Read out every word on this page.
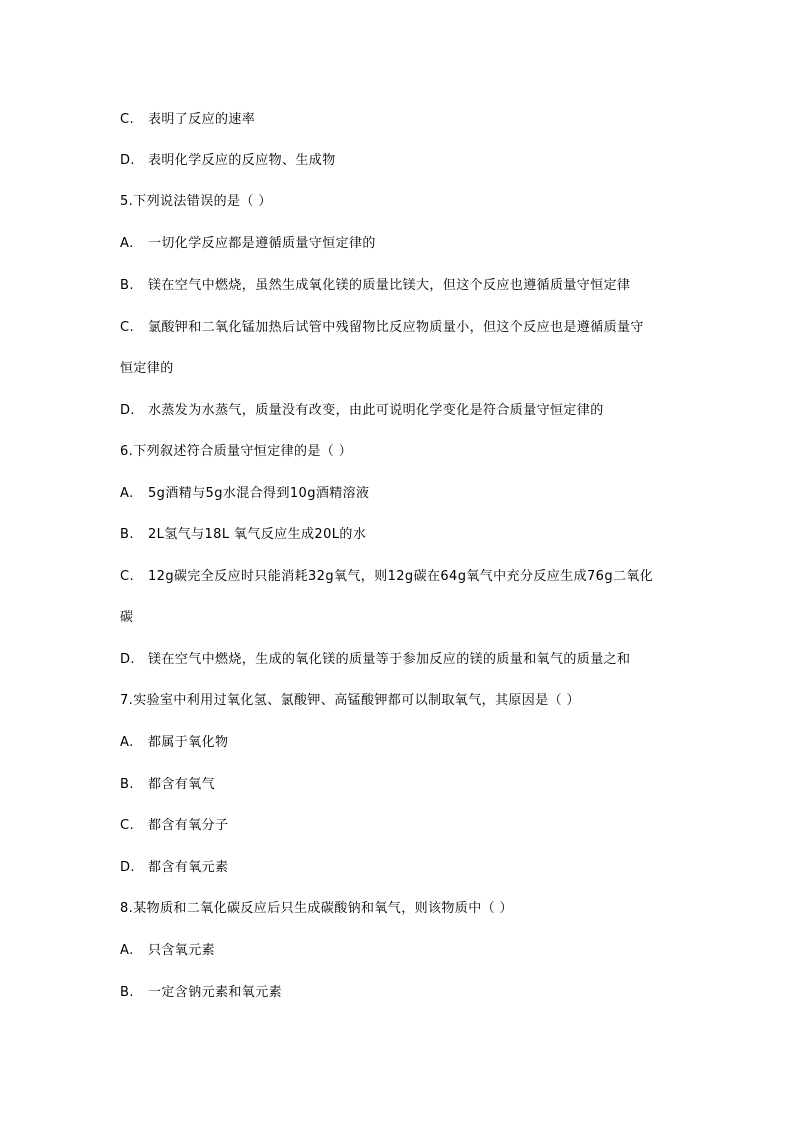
C. 表明了反应的速率
D. 表明化学反应的反应物、生成物
5.下列说法错误的是（ ）
A. 一切化学反应都是遵循质量守恒定律的
B. 镁在空气中燃烧，虽然生成氧化镁的质量比镁大，但这个反应也遵循质量守恒定律
C. 氯酸钾和二氧化锰加热后试管中残留物比反应物质量小，但这个反应也是遵循质量守
恒定律的
D. 水蒸发为水蒸气，质量没有改变，由此可说明化学变化是符合质量守恒定律的
6.下列叙述符合质量守恒定律的是（ ）
A. 5g酒精与5g水混合得到10g酒精溶液
B. 2L氢气与18L 氧气反应生成20L的水
C. 12g碳完全反应时只能消耗32g氧气，则12g碳在64g氧气中充分反应生成76g二氧化
碳
D. 镁在空气中燃烧，生成的氧化镁的质量等于参加反应的镁的质量和氧气的质量之和
7.实验室中利用过氧化氢、氯酸钾、高锰酸钾都可以制取氧气，其原因是（ ）
A. 都属于氧化物
B. 都含有氧气
C. 都含有氧分子
D. 都含有氧元素
8.某物质和二氧化碳反应后只生成碳酸钠和氧气，则该物质中（ ）
A. 只含氧元素
B. 一定含钠元素和氧元素
